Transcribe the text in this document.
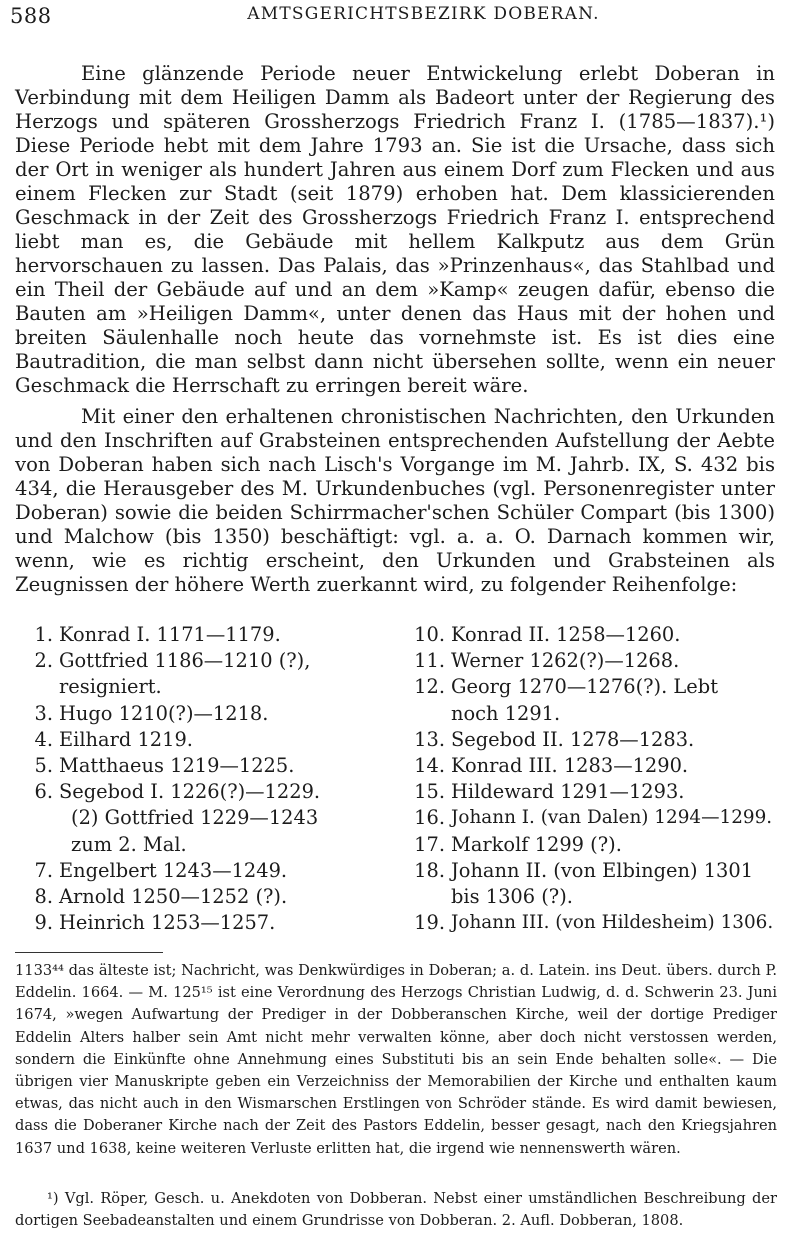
588	AMTSGERICHTSBEZIRK DOBERAN.

Eine glänzende Periode neuer Entwickelung erlebt Doberan in Verbindung mit dem Heiligen Damm als Badeort unter der Regierung des Herzogs und späteren Grossherzogs Friedrich Franz I. (1785—1837).¹) Diese Periode hebt mit dem Jahre 1793 an. Sie ist die Ursache, dass sich der Ort in weniger als hundert Jahren aus einem Dorf zum Flecken und aus einem Flecken zur Stadt (seit 1879) erhoben hat. Dem klassicierenden Geschmack in der Zeit des Grossherzogs Friedrich Franz I. entsprechend liebt man es, die Gebäude mit hellem Kalkputz aus dem Grün hervorschauen zu lassen. Das Palais, das »Prinzenhaus«, das Stahlbad und ein Theil der Gebäude auf und an dem »Kamp« zeugen dafür, ebenso die Bauten am »Heiligen Damm«, unter denen das Haus mit der hohen und breiten Säulenhalle noch heute das vornehmste ist. Es ist dies eine Bautradition, die man selbst dann nicht übersehen sollte, wenn ein neuer Geschmack die Herrschaft zu erringen bereit wäre.

Mit einer den erhaltenen chronistischen Nachrichten, den Urkunden und den Inschriften auf Grabsteinen entsprechenden Aufstellung der Aebte von Doberan haben sich nach Lisch's Vorgange im M. Jahrb. IX, S. 432 bis 434, die Herausgeber des M. Urkundenbuches (vgl. Personenregister unter Doberan) sowie die beiden Schirrmacher'schen Schüler Compart (bis 1300) und Malchow (bis 1350) beschäftigt: vgl. a. a. O. Darnach kommen wir, wenn, wie es richtig erscheint, den Urkunden und Grabsteinen als Zeugnissen der höhere Werth zuerkannt wird, zu folgender Reihenfolge:

1. Konrad I. 1171—1179.
2. Gottfried 1186—1210 (?), resigniert.
3. Hugo 1210(?)—1218.
4. Eilhard 1219.
5. Matthaeus 1219—1225.
6. Segebod I. 1226(?)—1229.
(2) Gottfried 1229—1243 zum 2. Mal.
7. Engelbert 1243—1249.
8. Arnold 1250—1252 (?).
9. Heinrich 1253—1257.
10. Konrad II. 1258—1260.
11. Werner 1262(?)—1268.
12. Georg 1270—1276(?). Lebt noch 1291.
13. Segebod II. 1278—1283.
14. Konrad III. 1283—1290.
15. Hildeward 1291—1293.
16. Johann I. (van Dalen) 1294—1299.
17. Markolf 1299 (?).
18. Johann II. (von Elbingen) 1301 bis 1306 (?).
19. Johann III. (von Hildesheim) 1306.

1133⁴⁴ das älteste ist; Nachricht, was Denkwürdiges in Doberan; a. d. Latein. ins Deut. übers. durch P. Eddelin. 1664. — M. 125¹⁵ ist eine Verordnung des Herzogs Christian Ludwig, d. d. Schwerin 23. Juni 1674, »wegen Aufwartung der Prediger in der Dobberanschen Kirche, weil der dortige Prediger Eddelin Alters halber sein Amt nicht mehr verwalten könne, aber doch nicht verstossen werden, sondern die Einkünfte ohne Annehmung eines Substituti bis an sein Ende behalten solle«. — Die übrigen vier Manuskripte geben ein Verzeichniss der Memorabilien der Kirche und enthalten kaum etwas, das nicht auch in den Wismarschen Erstlingen von Schröder stände. Es wird damit bewiesen, dass die Doberaner Kirche nach der Zeit des Pastors Eddelin, besser gesagt, nach den Kriegsjahren 1637 und 1638, keine weiteren Verluste erlitten hat, die irgend wie nennenswerth wären.

¹) Vgl. Röper, Gesch. u. Anekdoten von Dobberan. Nebst einer umständlichen Beschreibung der dortigen Seebadeanstalten und einem Grundrisse von Dobberan. 2. Aufl. Dobberan, 1808.
